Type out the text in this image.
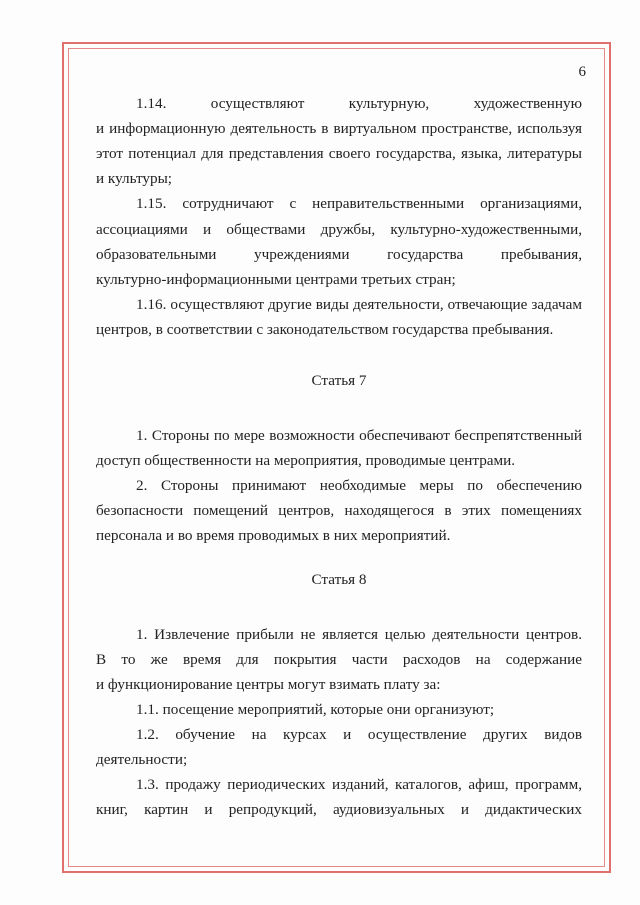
6
1.14. осуществляют культурную, художественную
и информационную деятельность в виртуальном пространстве, используя
этот потенциал для представления своего государства, языка, литературы
и культуры;
1.15. сотрудничают с неправительственными организациями,
ассоциациями и обществами дружбы, культурно-художественными,
образовательными учреждениями государства пребывания,
культурно-информационными центрами третьих стран;
1.16. осуществляют другие виды деятельности, отвечающие задачам
центров, в соответствии с законодательством государства пребывания.
Статья 7
1. Стороны по мере возможности обеспечивают беспрепятственный
доступ общественности на мероприятия, проводимые центрами.
2. Стороны принимают необходимые меры по обеспечению
безопасности помещений центров, находящегося в этих помещениях
персонала и во время проводимых в них мероприятий.
Статья 8
1. Извлечение прибыли не является целью деятельности центров.
В то же время для покрытия части расходов на содержание
и функционирование центры могут взимать плату за:
1.1. посещение мероприятий, которые они организуют;
1.2. обучение на курсах и осуществление других видов
деятельности;
1.3. продажу периодических изданий, каталогов, афиш, программ,
книг, картин и репродукций, аудиовизуальных и дидактических
